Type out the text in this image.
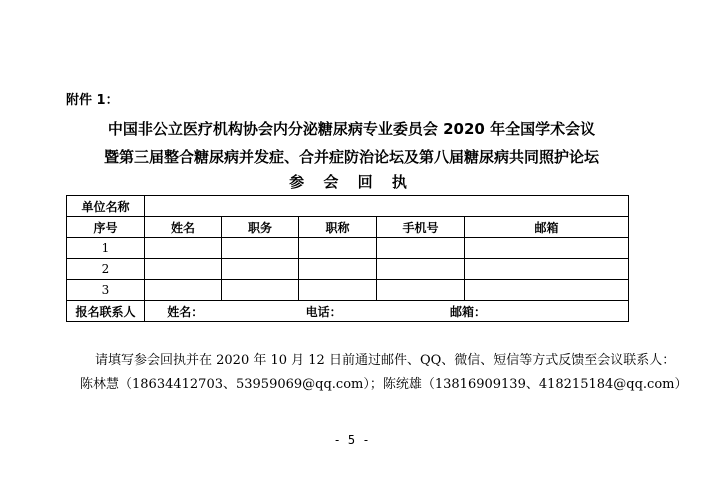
附件 1：
中国非公立医疗机构协会内分泌糖尿病专业委员会 2020 年全国学术会议
暨第三届整合糖尿病并发症、合并症防治论坛及第八届糖尿病共同照护论坛
参 会 回 执
单位名称					
序号	姓名	职务	职称	手机号	邮箱
1					
2					
3					
报名联系人	姓名： 电话： 邮箱：				
请填写参会回执并在 2020 年 10 月 12 日前通过邮件、QQ、微信、短信等方式反馈至会议联系人：
陈林慧（18634412703、53959069@qq.com）；陈统雄（13816909139、418215184@qq.com）
- 5 -
